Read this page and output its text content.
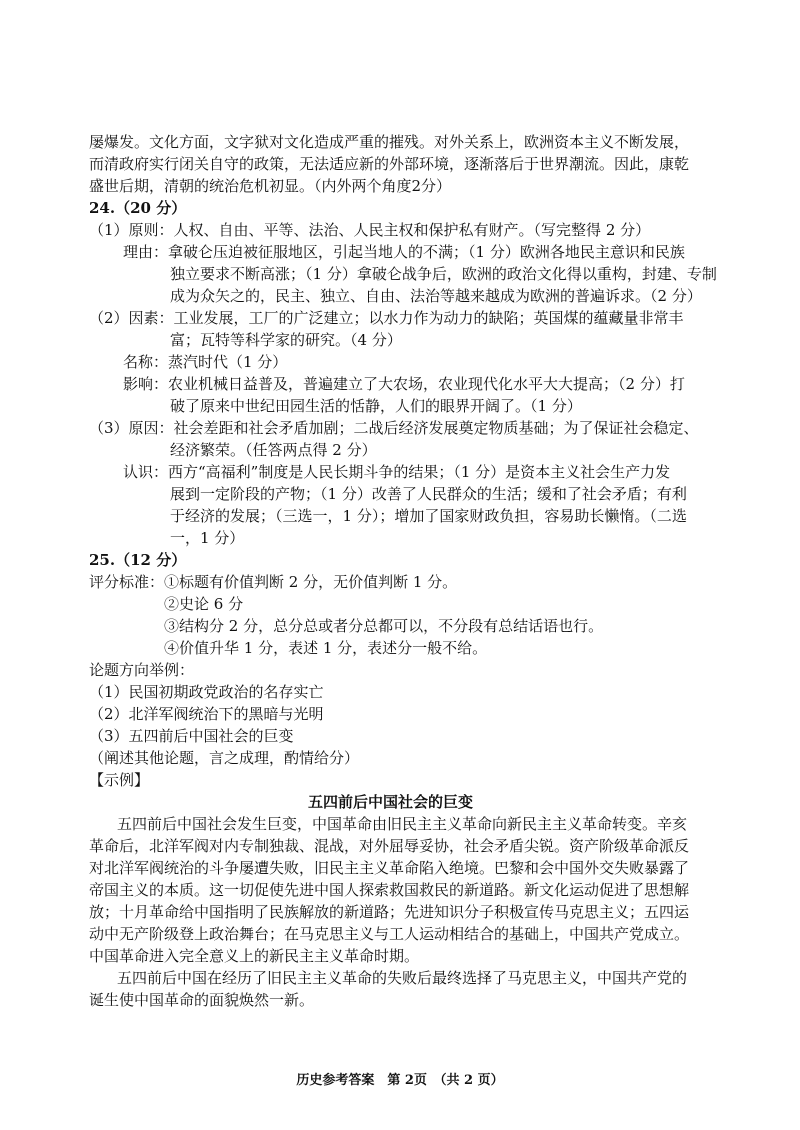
屡爆发。文化方面，文字狱对文化造成严重的摧残。对外关系上，欧洲资本主义不断发展，
而清政府实行闭关自守的政策，无法适应新的外部环境，逐渐落后于世界潮流。因此，康乾
盛世后期，清朝的统治危机初显。（内外两个角度2分）
24.（20 分）
（1）原则：人权、自由、平等、法治、人民主权和保护私有财产。（写完整得 2 分）
理由：拿破仑压迫被征服地区，引起当地人的不满；（1 分）欧洲各地民主意识和民族
独立要求不断高涨；（1 分）拿破仑战争后，欧洲的政治文化得以重构，封建、专制
成为众矢之的，民主、独立、自由、法治等越来越成为欧洲的普遍诉求。（2 分）
（2）因素：工业发展，工厂的广泛建立；以水力作为动力的缺陷；英国煤的蕴藏量非常丰
富；瓦特等科学家的研究。（4 分）
名称：蒸汽时代（1 分）
影响：农业机械日益普及，普遍建立了大农场，农业现代化水平大大提高；（2 分）打
破了原来中世纪田园生活的恬静，人们的眼界开阔了。（1 分）
（3）原因：社会差距和社会矛盾加剧；二战后经济发展奠定物质基础；为了保证社会稳定、
经济繁荣。（任答两点得 2 分）
认识：西方“高福利”制度是人民长期斗争的结果；（1 分）是资本主义社会生产力发
展到一定阶段的产物；（1 分）改善了人民群众的生活；缓和了社会矛盾；有利
于经济的发展；（三选一，1 分）；增加了国家财政负担，容易助长懒惰。（二选
一，1 分）
25.（12 分）
评分标准：①标题有价值判断 2 分，无价值判断 1 分。
②史论 6 分
③结构分 2 分，总分总或者分总都可以，不分段有总结话语也行。
④价值升华 1 分，表述 1 分，表述分一般不给。
论题方向举例：
（1）民国初期政党政治的名存实亡
（2）北洋军阀统治下的黑暗与光明
（3）五四前后中国社会的巨变
（阐述其他论题，言之成理，酌情给分）
【示例】
五四前后中国社会的巨变
五四前后中国社会发生巨变，中国革命由旧民主主义革命向新民主主义革命转变。辛亥
革命后，北洋军阀对内专制独裁、混战，对外屈辱妥协，社会矛盾尖锐。资产阶级革命派反
对北洋军阀统治的斗争屡遭失败，旧民主主义革命陷入绝境。巴黎和会中国外交失败暴露了
帝国主义的本质。这一切促使先进中国人探索救国救民的新道路。新文化运动促进了思想解
放；十月革命给中国指明了民族解放的新道路；先进知识分子积极宣传马克思主义；五四运
动中无产阶级登上政治舞台；在马克思主义与工人运动相结合的基础上，中国共产党成立。
中国革命进入完全意义上的新民主主义革命时期。
五四前后中国在经历了旧民主主义革命的失败后最终选择了马克思主义，中国共产党的
诞生使中国革命的面貌焕然一新。
历史参考答案　第 2页　（共 2 页）
